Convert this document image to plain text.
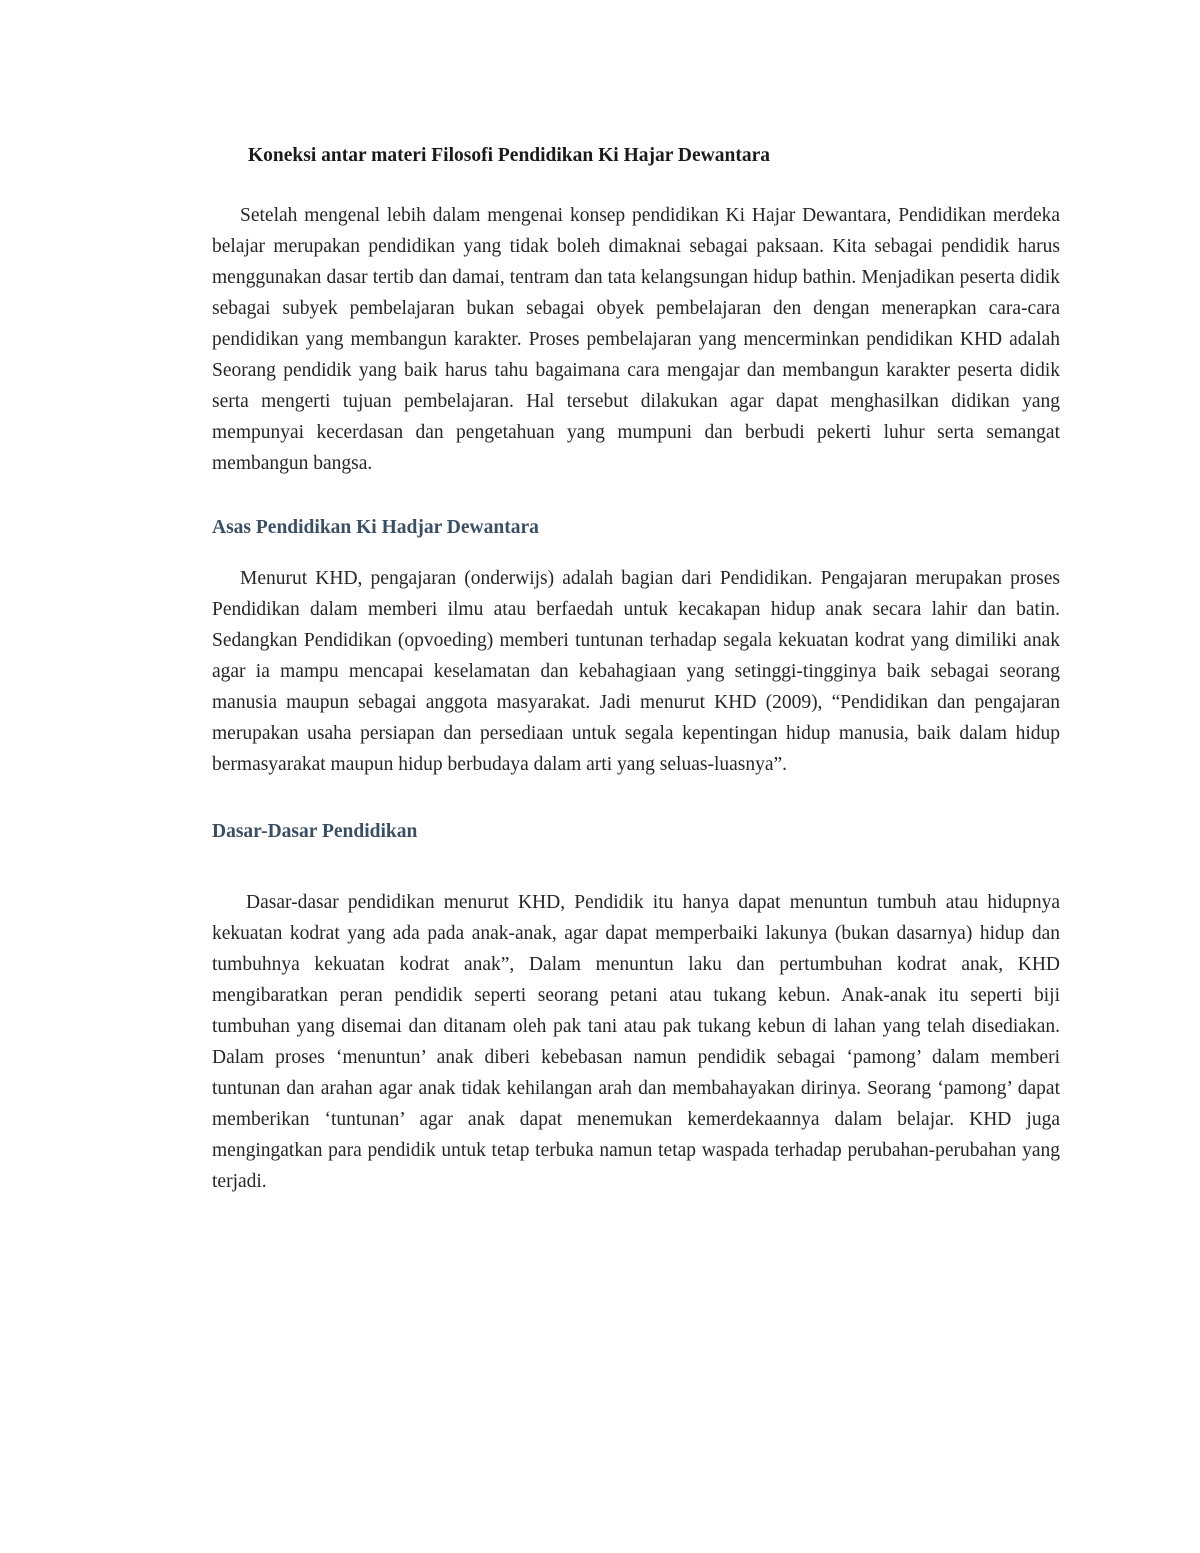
Koneksi antar materi Filosofi Pendidikan Ki Hajar Dewantara

Setelah mengenal lebih dalam mengenai konsep pendidikan Ki Hajar Dewantara, Pendidikan merdeka belajar merupakan pendidikan yang tidak boleh dimaknai sebagai paksaan. Kita sebagai pendidik harus menggunakan dasar tertib dan damai, tentram dan tata kelangsungan hidup bathin. Menjadikan peserta didik sebagai subyek pembelajaran bukan sebagai obyek pembelajaran den dengan menerapkan cara-cara pendidikan yang membangun karakter. Proses pembelajaran yang mencerminkan pendidikan KHD adalah Seorang pendidik yang baik harus tahu bagaimana cara mengajar dan membangun karakter peserta didik serta mengerti tujuan pembelajaran. Hal tersebut dilakukan agar dapat menghasilkan didikan yang mempunyai kecerdasan dan pengetahuan yang mumpuni dan berbudi pekerti luhur serta semangat membangun bangsa.

Asas Pendidikan Ki Hadjar Dewantara

Menurut KHD, pengajaran (onderwijs) adalah bagian dari Pendidikan. Pengajaran merupakan proses Pendidikan dalam memberi ilmu atau berfaedah untuk kecakapan hidup anak secara lahir dan batin. Sedangkan Pendidikan (opvoeding) memberi tuntunan terhadap segala kekuatan kodrat yang dimiliki anak agar ia mampu mencapai keselamatan dan kebahagiaan yang setinggi-tingginya baik sebagai seorang manusia maupun sebagai anggota masyarakat. Jadi menurut KHD (2009), “Pendidikan dan pengajaran merupakan usaha persiapan dan persediaan untuk segala kepentingan hidup manusia, baik dalam hidup bermasyarakat maupun hidup berbudaya dalam arti yang seluas-luasnya”.

Dasar-Dasar Pendidikan

Dasar-dasar pendidikan menurut KHD, Pendidik itu hanya dapat menuntun tumbuh atau hidupnya kekuatan kodrat yang ada pada anak-anak, agar dapat memperbaiki lakunya (bukan dasarnya) hidup dan tumbuhnya kekuatan kodrat anak”, Dalam menuntun laku dan pertumbuhan kodrat anak, KHD mengibaratkan peran pendidik seperti seorang petani atau tukang kebun. Anak-anak itu seperti biji tumbuhan yang disemai dan ditanam oleh pak tani atau pak tukang kebun di lahan yang telah disediakan. Dalam proses ‘menuntun’ anak diberi kebebasan namun pendidik sebagai ‘pamong’ dalam memberi tuntunan dan arahan agar anak tidak kehilangan arah dan membahayakan dirinya. Seorang ‘pamong’ dapat memberikan ‘tuntunan’ agar anak dapat menemukan kemerdekaannya dalam belajar. KHD juga mengingatkan para pendidik untuk tetap terbuka namun tetap waspada terhadap perubahan-perubahan yang terjadi.
